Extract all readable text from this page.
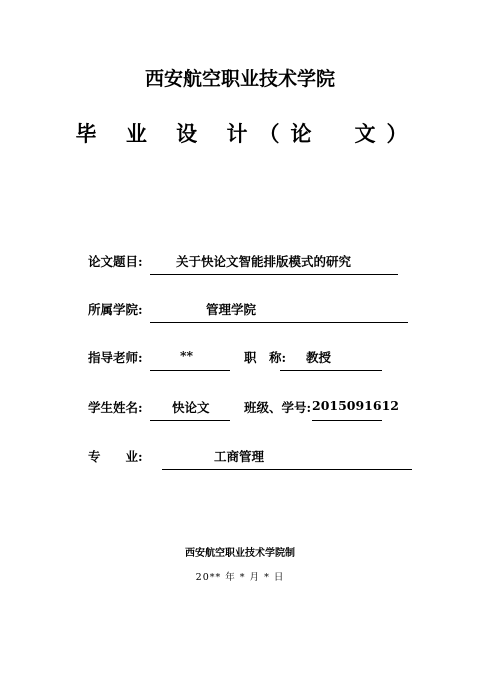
西安航空职业技术学院
毕 业 设 计（论　文）
论文题目:	关于快论文智能排版模式的研究
所属学院:	管理学院
指导老师:	**	职　称: 教授
学生姓名: 快论文	班级、学号: 2015091612
专　　业:	工商管理
西安航空职业技术学院制
20** 年 * 月 * 日
